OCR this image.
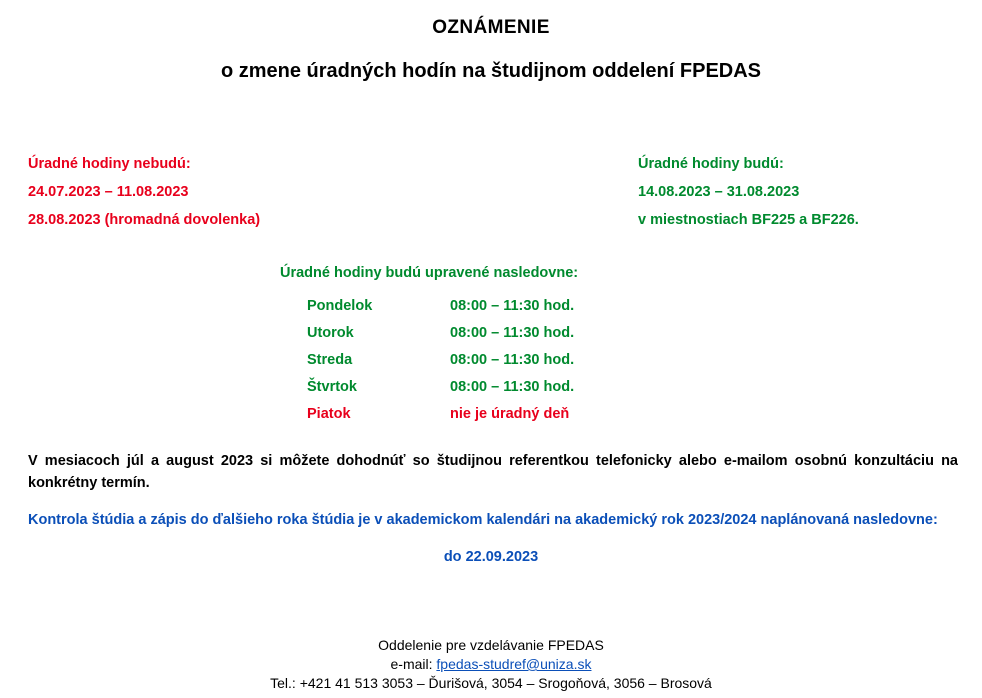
OZNÁMENIE
o zmene úradných hodín na študijnom oddelení FPEDAS
Úradné hodiny nebudú:
24.07.2023 – 11.08.2023
28.08.2023 (hromadná dovolenka)
Úradné hodiny budú:
14.08.2023 – 31.08.2023
v miestnostiach BF225 a BF226.
Úradné hodiny budú upravené nasledovne:
Pondelok	08:00 – 11:30 hod.
Utorok	08:00 – 11:30 hod.
Streda	08:00 – 11:30 hod.
Štvrtok	08:00 – 11:30 hod.
Piatok	nie je úradný deň
V mesiacoch júl a august 2023 si môžete dohodnúť so študijnou referentkou telefonicky alebo e-mailom osobnú konzultáciu na konkrétny termín.
Kontrola štúdia a zápis do ďalšieho roka štúdia je v akademickom kalendári na akademický rok 2023/2024 naplánovaná nasledovne:
do 22.09.2023
Oddelenie pre vzdelávanie FPEDAS
e-mail: fpedas-studref@uniza.sk
Tel.: +421 41 513 3053 – Ďurišová, 3054 – Srogoňová, 3056 – Brosová
